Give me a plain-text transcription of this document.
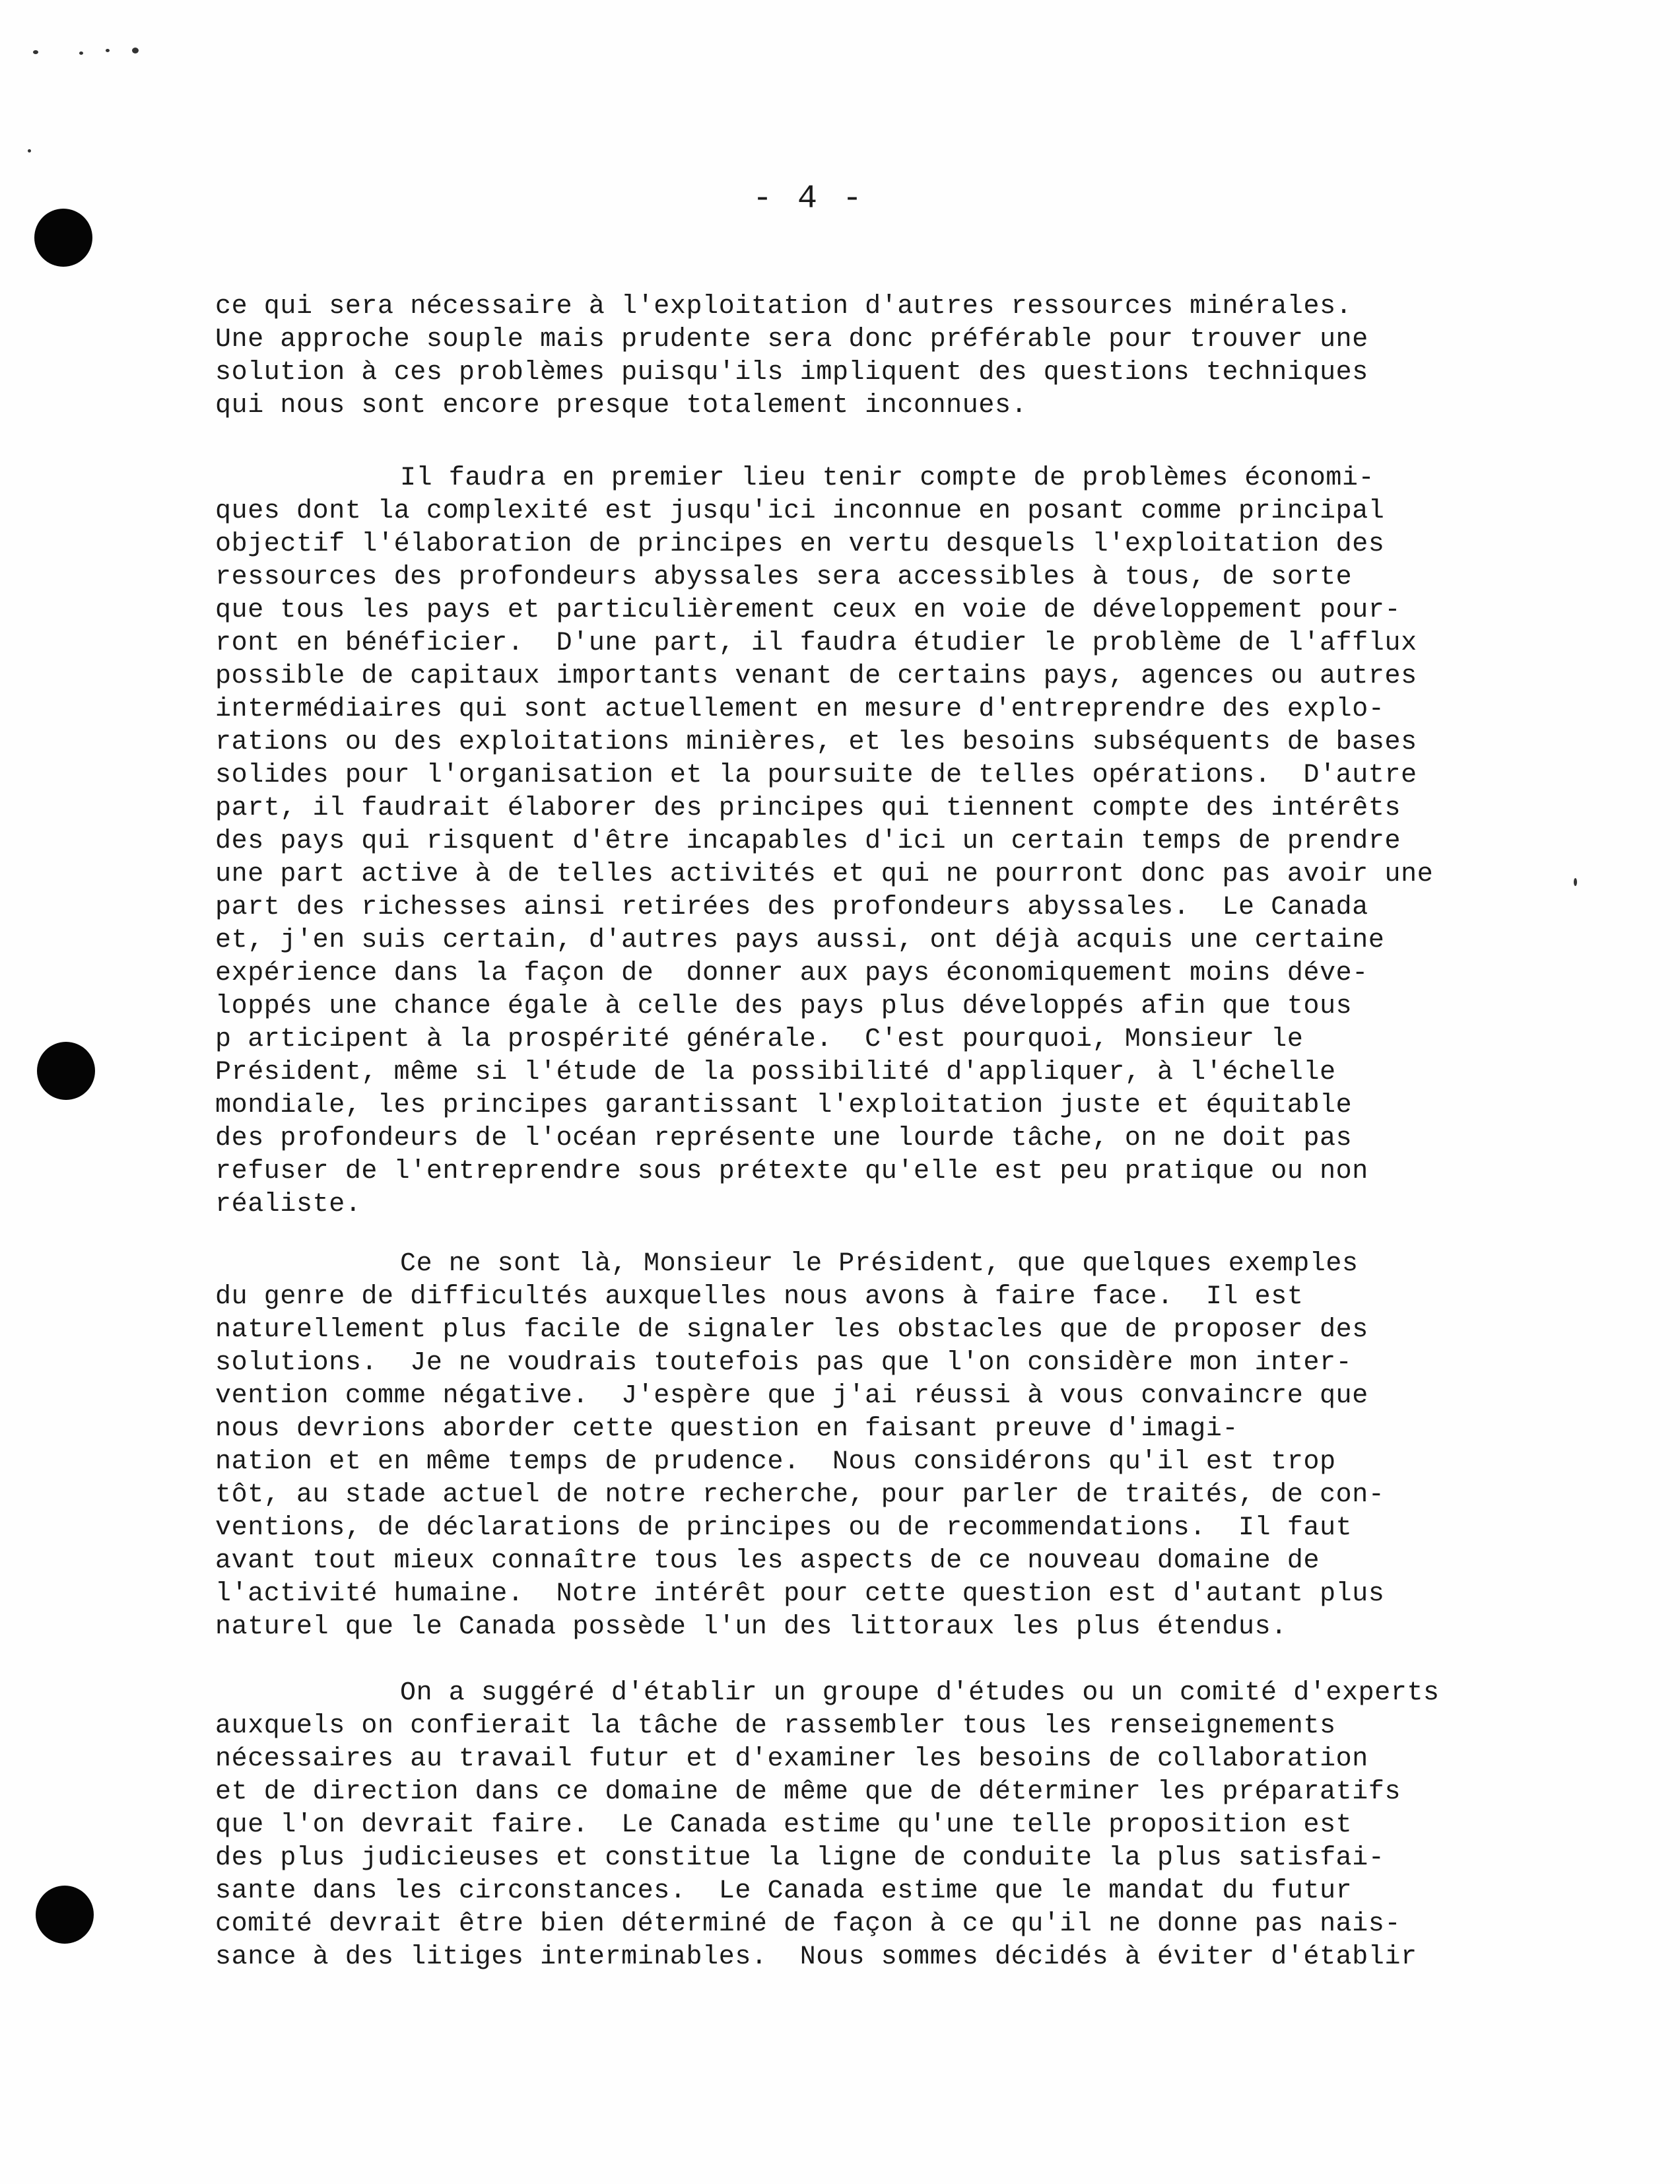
- 4 -
ce qui sera nécessaire à l'exploitation d'autres ressources minérales.
Une approche souple mais prudente sera donc préférable pour trouver une
solution à ces problèmes puisqu'ils impliquent des questions techniques
qui nous sont encore presque totalement inconnues.
Il faudra en premier lieu tenir compte de problèmes économi-
ques dont la complexité est jusqu'ici inconnue en posant comme principal
objectif l'élaboration de principes en vertu desquels l'exploitation des
ressources des profondeurs abyssales sera accessibles à tous, de sorte
que tous les pays et particulièrement ceux en voie de développement pour-
ront en bénéficier.  D'une part, il faudra étudier le problème de l'afflux
possible de capitaux importants venant de certains pays, agences ou autres
intermédiaires qui sont actuellement en mesure d'entreprendre des explo-
rations ou des exploitations minières, et les besoins subséquents de bases
solides pour l'organisation et la poursuite de telles opérations.  D'autre
part, il faudrait élaborer des principes qui tiennent compte des intérêts
des pays qui risquent d'être incapables d'ici un certain temps de prendre
une part active à de telles activités et qui ne pourront donc pas avoir une
part des richesses ainsi retirées des profondeurs abyssales.  Le Canada
et, j'en suis certain, d'autres pays aussi, ont déjà acquis une certaine
expérience dans la façon de  donner aux pays économiquement moins déve-
loppés une chance égale à celle des pays plus développés afin que tous
p articipent à la prospérité générale.  C'est pourquoi, Monsieur le
Président, même si l'étude de la possibilité d'appliquer, à l'échelle
mondiale, les principes garantissant l'exploitation juste et équitable
des profondeurs de l'océan représente une lourde tâche, on ne doit pas
refuser de l'entreprendre sous prétexte qu'elle est peu pratique ou non
réaliste.
Ce ne sont là, Monsieur le Président, que quelques exemples
du genre de difficultés auxquelles nous avons à faire face.  Il est
naturellement plus facile de signaler les obstacles que de proposer des
solutions.  Je ne voudrais toutefois pas que l'on considère mon inter-
vention comme négative.  J'espère que j'ai réussi à vous convaincre que
nous devrions aborder cette question en faisant preuve d'imagi-
nation et en même temps de prudence.  Nous considérons qu'il est trop
tôt, au stade actuel de notre recherche, pour parler de traités, de con-
ventions, de déclarations de principes ou de recommendations.  Il faut
avant tout mieux connaître tous les aspects de ce nouveau domaine de
l'activité humaine.  Notre intérêt pour cette question est d'autant plus
naturel que le Canada possède l'un des littoraux les plus étendus.
On a suggéré d'établir un groupe d'études ou un comité d'experts
auxquels on confierait la tâche de rassembler tous les renseignements
nécessaires au travail futur et d'examiner les besoins de collaboration
et de direction dans ce domaine de même que de déterminer les préparatifs
que l'on devrait faire.  Le Canada estime qu'une telle proposition est
des plus judicieuses et constitue la ligne de conduite la plus satisfai-
sante dans les circonstances.  Le Canada estime que le mandat du futur
comité devrait être bien déterminé de façon à ce qu'il ne donne pas nais-
sance à des litiges interminables.  Nous sommes décidés à éviter d'établir
